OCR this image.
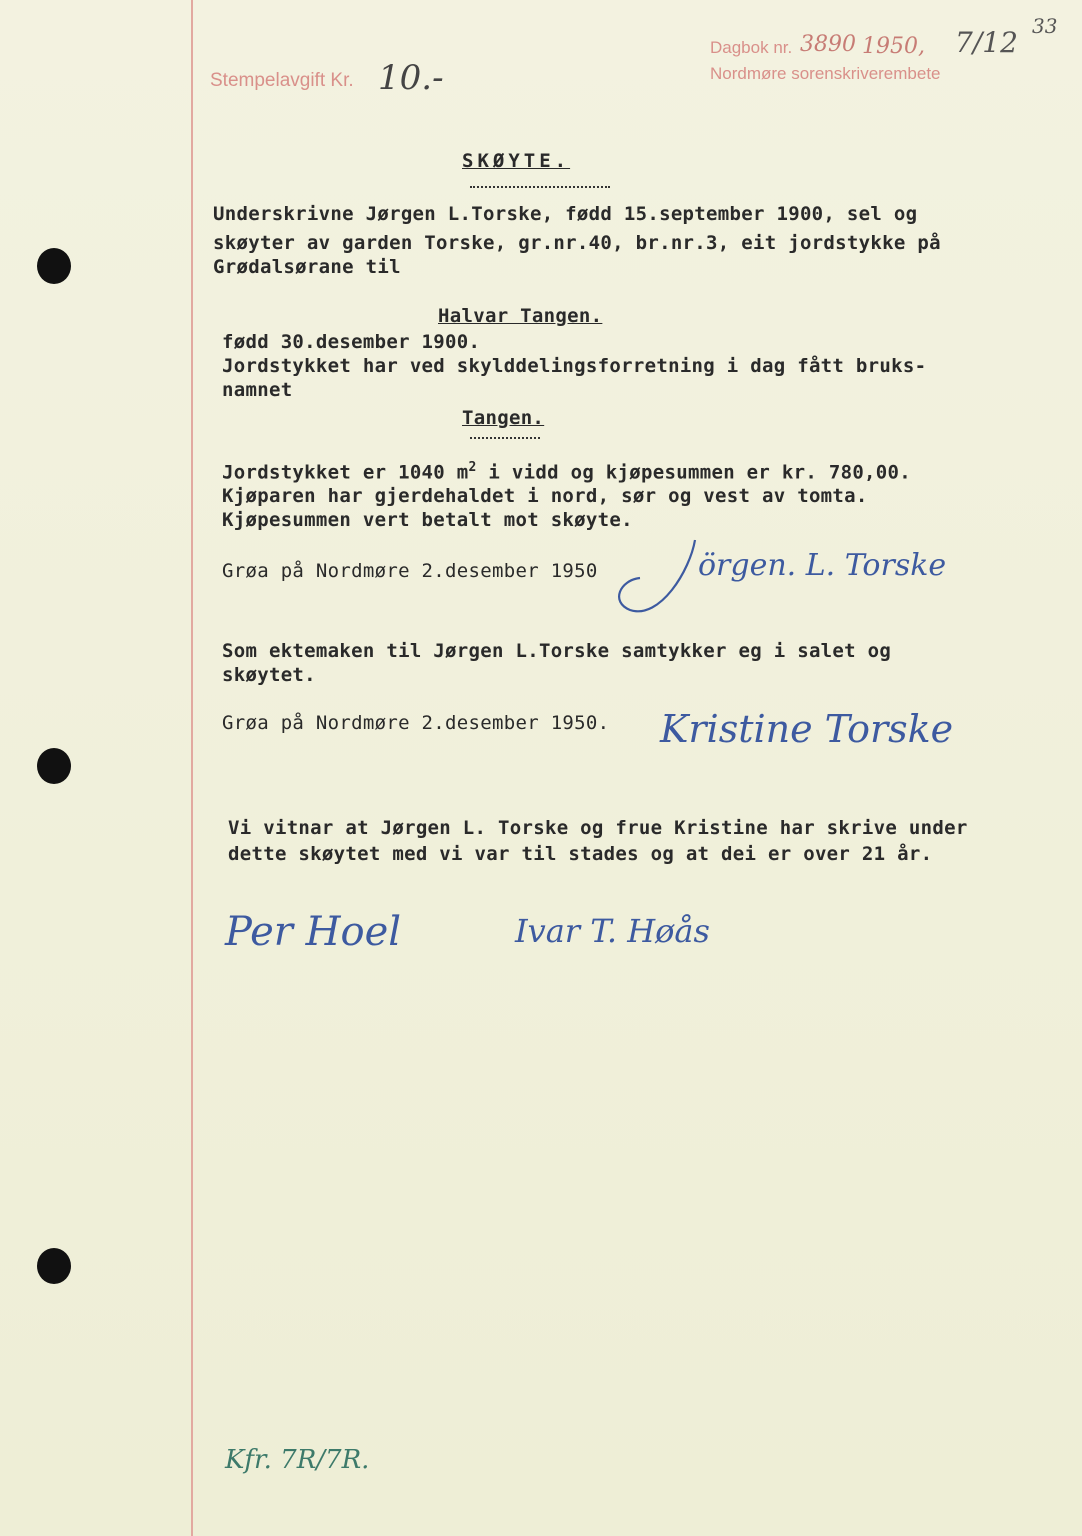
Stempelavgift Kr. 10.-
Dagbok nr. 3890 1950, 7/12
Nordmøre sorenskriverembete
33
SKØYTE.
Underskrivne Jørgen L.Torske, fødd 15.september 1900, sel og
skøyter av garden Torske, gr.nr.40, br.nr.3, eit jordstykke på
Grødalsørane til
Halvar Tangen.
fødd 30.desember 1900.
Jordstykket har ved skylddelingsforretning i dag fått bruks-
namnet
Tangen.
Jordstykket er 1040 $m^2$ i vidd og kjøpesummen er kr. 780,00.
Kjøparen har gjerdehaldet i nord, sør og vest av tomta.
Kjøpesummen vert betalt mot skøyte.
Grøa på Nordmøre 2.desember 1950	örgen. L. Torske
Som ektemaken til Jørgen L.Torske samtykker eg i salet og
skøytet.
Grøa på Nordmøre 2.desember 1950. Kristine Torske
Vi vitnar at Jørgen L. Torske og frue Kristine har skrive under
dette skøytet med vi var til stades og at dei er over 21 år.
Per Hoel	Ivar T. Høås
Kfr. 7R/7R.
